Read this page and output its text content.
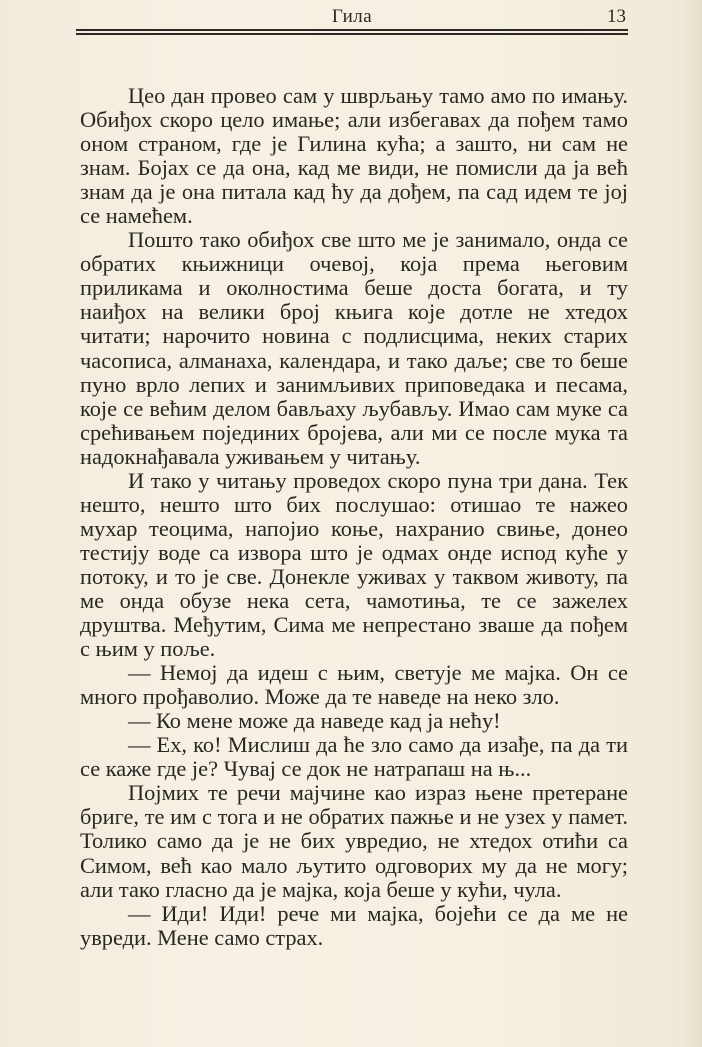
Гила	13

Цео дан провео сам у шврљању тамо амо по имању. Обиђох скоро цело имање; али избегавах да пођем тамо оном страном, где је Гилина кућа; а зашто, ни сам не знам. Бојах се да она, кад ме види, не помисли да ја већ знам да је она питала кад ћу да дођем, па сад идем те јој се намећем.

Пошто тако обиђох све што ме је занимало, онда се обратих књижници очевој, која према његовим приликама и околностима беше доста богата, и ту наиђох на велики број књига које дотле не хтедох читати; нарочито новина с подлисцима, неких старих часописа, алманаха, календара, и тако даље; све то беше пуно врло лепих и занимљивих приповедака и песама, које се већим делом бављаху љубављу. Имао сам муке са срећивањем појединих бројева, али ми се после мука та надокнађавала уживањем у читању.

И тако у читању проведох скоро пуна три дана. Тек нешто, нешто што бих послушао: отишао те нажео мухар теоцима, напојио коње, нахранио свиње, донео тестију воде са извора што је одмах онде испод куће у потоку, и то је све. Донекле уживах у таквом животу, па ме онда обузе нека сета, чамотиња, те се зажелех друштва. Међутим, Сима ме непрестано зваше да пођем с њим у поље.

— Немој да идеш с њим, светује ме мајка. Он се много прођаволио. Може да те наведе на неко зло.

— Ко мене може да наведе кад ја нећу!

— Ех, ко! Мислиш да ће зло само да изађе, па да ти се каже где је? Чувај се док не натрапаш на њ...

Појмих те речи мајчине као израз њене претеране бриге, те им с тога и не обратих пажње и не узех у памет. Толико само да је не бих увредио, не хтедох отићи са Симом, већ као мало љутито одговорих му да не могу; али тако гласно да је мајка, која беше у кући, чула.

— Иди! Иди! рече ми мајка, бојећи се да ме не увреди. Мене само страх.
